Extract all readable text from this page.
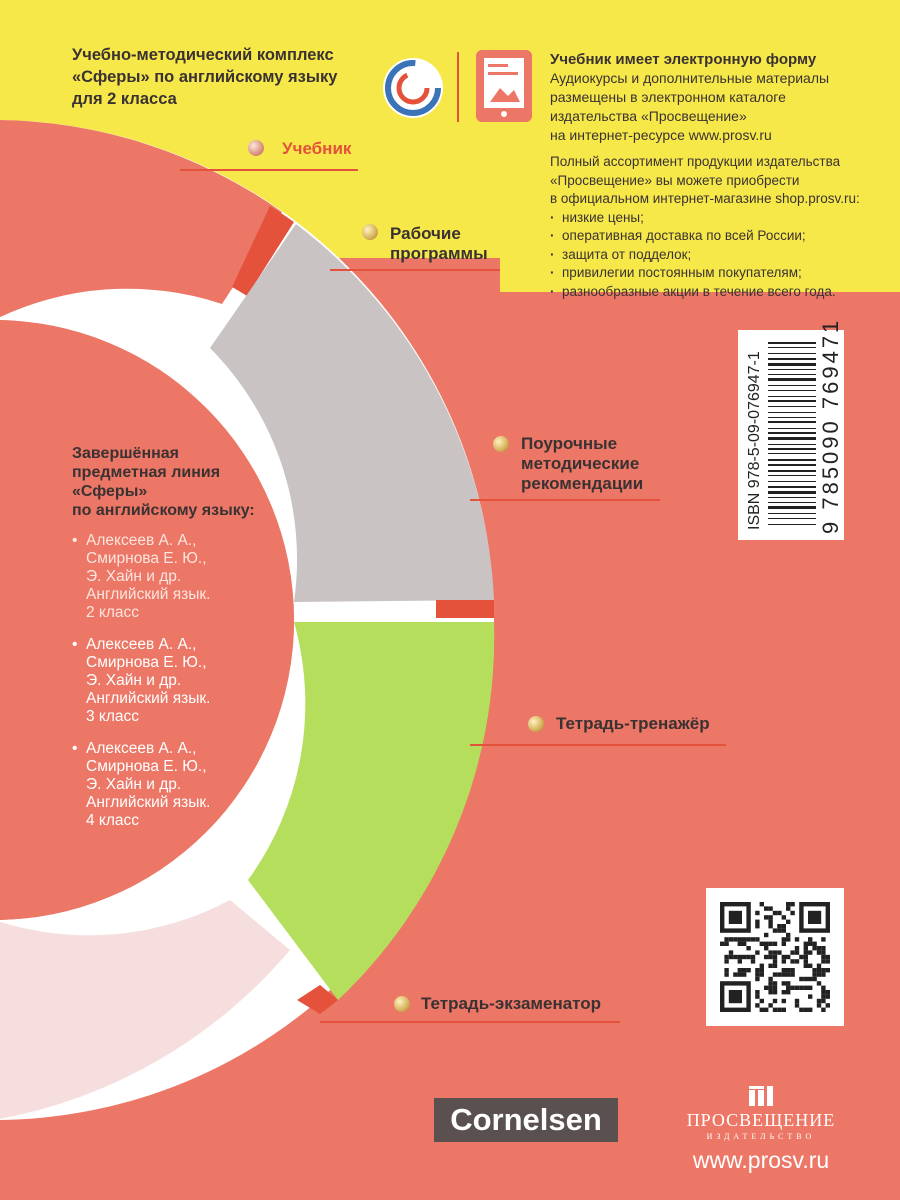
Учебно-методический комплекс
«Сферы» по английскому языку
для 2 класса
Учебник имеет электронную форму
Аудиокурсы и дополнительные материалы
размещены в электронном каталоге
издательства «Просвещение»
на интернет-ресурсе www.prosv.ru
Полный ассортимент продукции издательства
«Просвещение» вы можете приобрести
в официальном интернет-магазине shop.prosv.ru:
· низкие цены;
· оперативная доставка по всей России;
· защита от подделок;
· привилегии постоянным покупателям;
· разнообразные акции в течение всего года.
Учебник
Рабочие
программы
Поурочные
методические
рекомендации
Тетрадь-тренажёр
Тетрадь-экзаменатор
Завершённая
предметная линия
«Сферы»
по английскому языку:
• Алексеев А. А.,
Смирнова Е. Ю.,
Э. Хайн и др.
Английский язык.
2 класс
• Алексеев А. А.,
Смирнова Е. Ю.,
Э. Хайн и др.
Английский язык.
3 класс
• Алексеев А. А.,
Смирнова Е. Ю.,
Э. Хайн и др.
Английский язык.
4 класс
ISBN 978-5-09-076947-1	9 785090 769471
Cornelsen	ПРОСВЕЩЕНИЕ
ИЗДАТЕЛЬСТВО
www.prosv.ru
